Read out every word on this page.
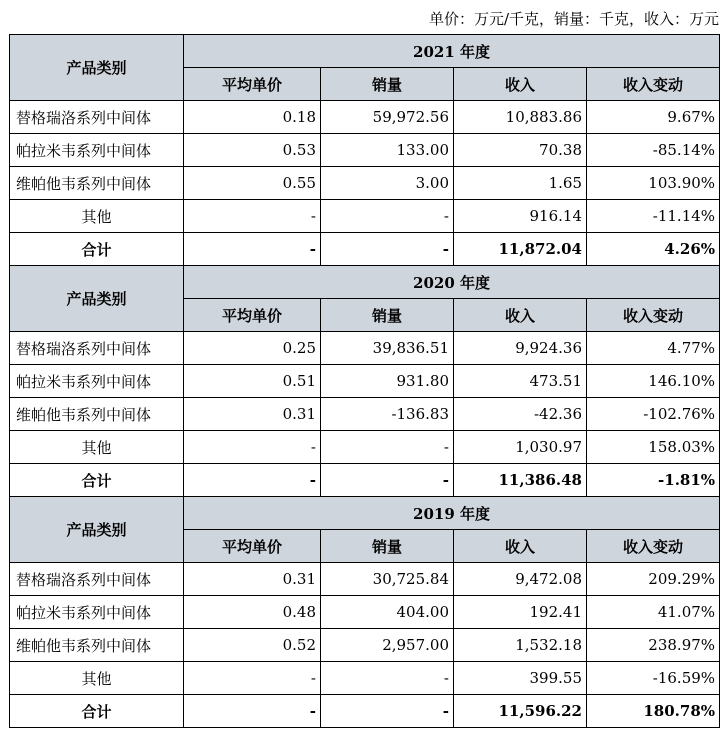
单价：万元/千克，销量：千克，收入：万元
产品类别	2021 年度			
	平均单价	销量	收入	收入变动
替格瑞洛系列中间体	0.18	59,972.56	10,883.86	9.67%
帕拉米韦系列中间体	0.53	133.00	70.38	-85.14%
维帕他韦系列中间体	0.55	3.00	1.65	103.90%
其他	-	-	916.14	-11.14%
合计	-	-	11,872.04	4.26%
产品类别	2020 年度			
	平均单价	销量	收入	收入变动
替格瑞洛系列中间体	0.25	39,836.51	9,924.36	4.77%
帕拉米韦系列中间体	0.51	931.80	473.51	146.10%
维帕他韦系列中间体	0.31	-136.83	-42.36	-102.76%
其他	-	-	1,030.97	158.03%
合计	-	-	11,386.48	-1.81%
产品类别	2019 年度			
	平均单价	销量	收入	收入变动
替格瑞洛系列中间体	0.31	30,725.84	9,472.08	209.29%
帕拉米韦系列中间体	0.48	404.00	192.41	41.07%
维帕他韦系列中间体	0.52	2,957.00	1,532.18	238.97%
其他	-	-	399.55	-16.59%
合计	-	-	11,596.22	180.78%
